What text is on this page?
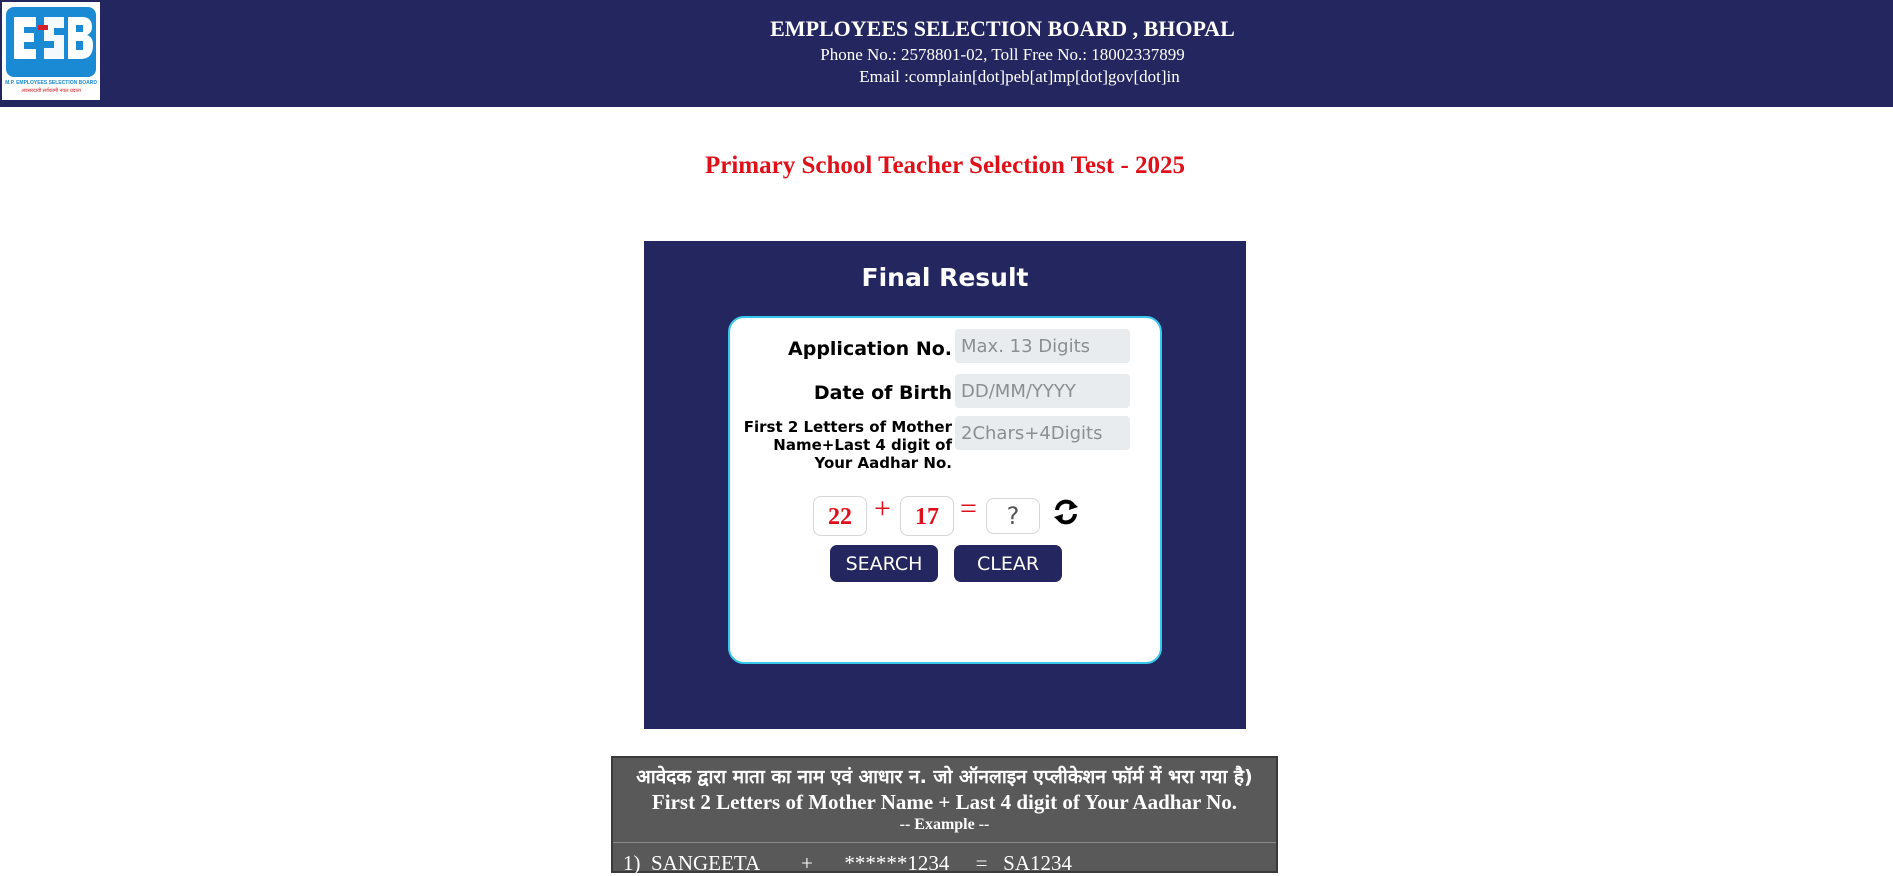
M.P. EMPLOYEES SELECTION BOARD
अवसरदायी सर्वकामी नवल प्रदाता
EMPLOYEES SELECTION BOARD , BHOPAL
Phone No.: 2578801-02, Toll Free No.: 18002337899
Email :complain[dot]peb[at]mp[dot]gov[dot]in
Primary School Teacher Selection Test - 2025
Final Result
Application No.
Max. 13 Digits
Date of Birth
DD/MM/YYYY
First 2 Letters of Mother Name+Last 4 digit of Your Aadhar No.
2Chars+4Digits
22 +	17 =
?
SEARCH	CLEAR
आवेदक द्वारा माता का नाम एवं आधार न. जो ऑनलाइन एप्लीकेशन फॉर्म में भरा गया है)
First 2 Letters of Mother Name + Last 4 digit of Your Aadhar No.
-- Example --
1)  SANGEETA        +      ******1234     =   SA1234
